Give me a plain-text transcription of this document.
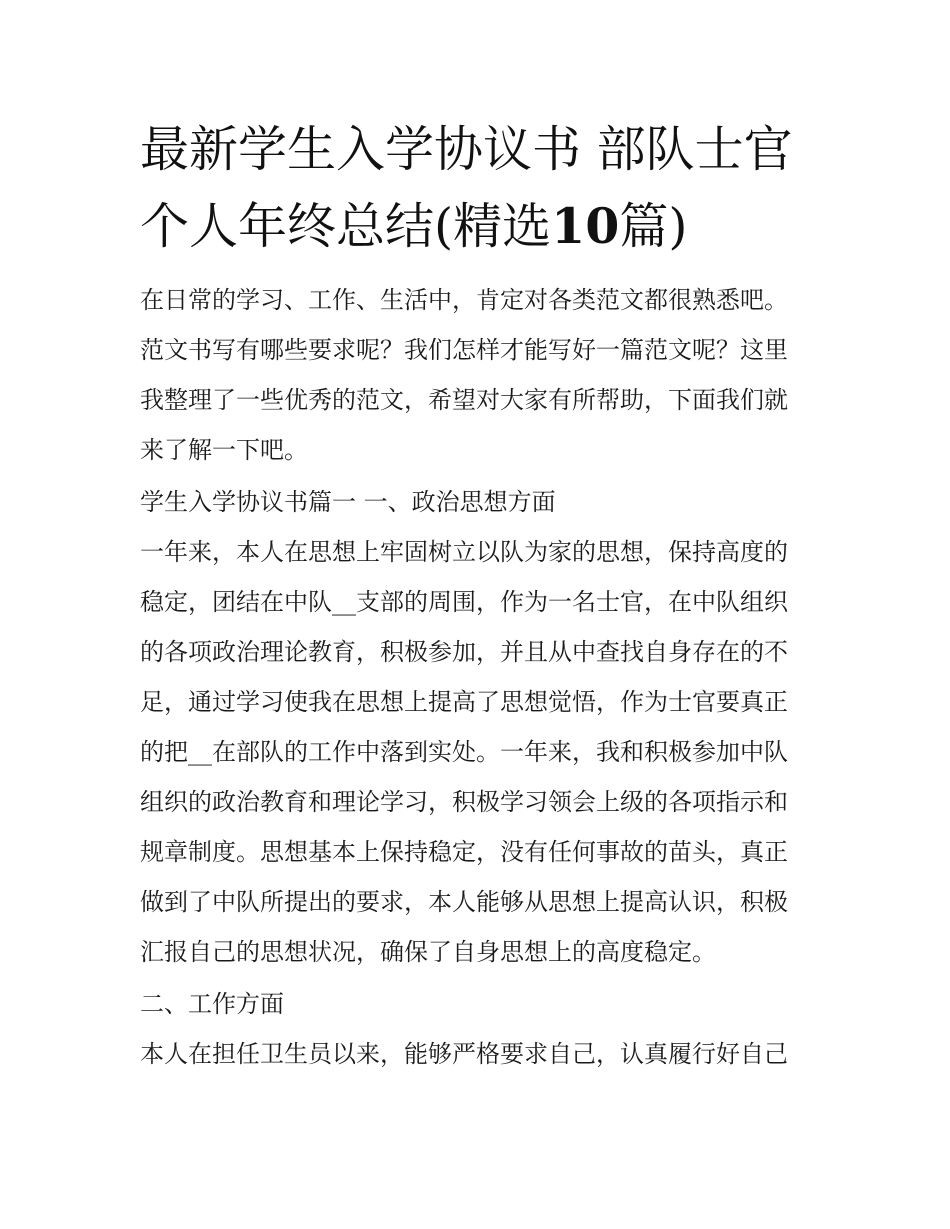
最新学生入学协议书 部队士官
个人年终总结(精选10篇)
在日常的学习、工作、生活中，肯定对各类范文都很熟悉吧。
范文书写有哪些要求呢？我们怎样才能写好一篇范文呢？这里
我整理了一些优秀的范文，希望对大家有所帮助，下面我们就
来了解一下吧。
学生入学协议书篇一 一、政治思想方面
一年来，本人在思想上牢固树立以队为家的思想，保持高度的
稳定，团结在中队__支部的周围，作为一名士官，在中队组织
的各项政治理论教育，积极参加，并且从中查找自身存在的不
足，通过学习使我在思想上提高了思想觉悟，作为士官要真正
的把__在部队的工作中落到实处。一年来，我和积极参加中队
组织的政治教育和理论学习，积极学习领会上级的各项指示和
规章制度。思想基本上保持稳定，没有任何事故的苗头，真正
做到了中队所提出的要求，本人能够从思想上提高认识，积极
汇报自己的思想状况，确保了自身思想上的高度稳定。
二、工作方面
本人在担任卫生员以来，能够严格要求自己，认真履行好自己
